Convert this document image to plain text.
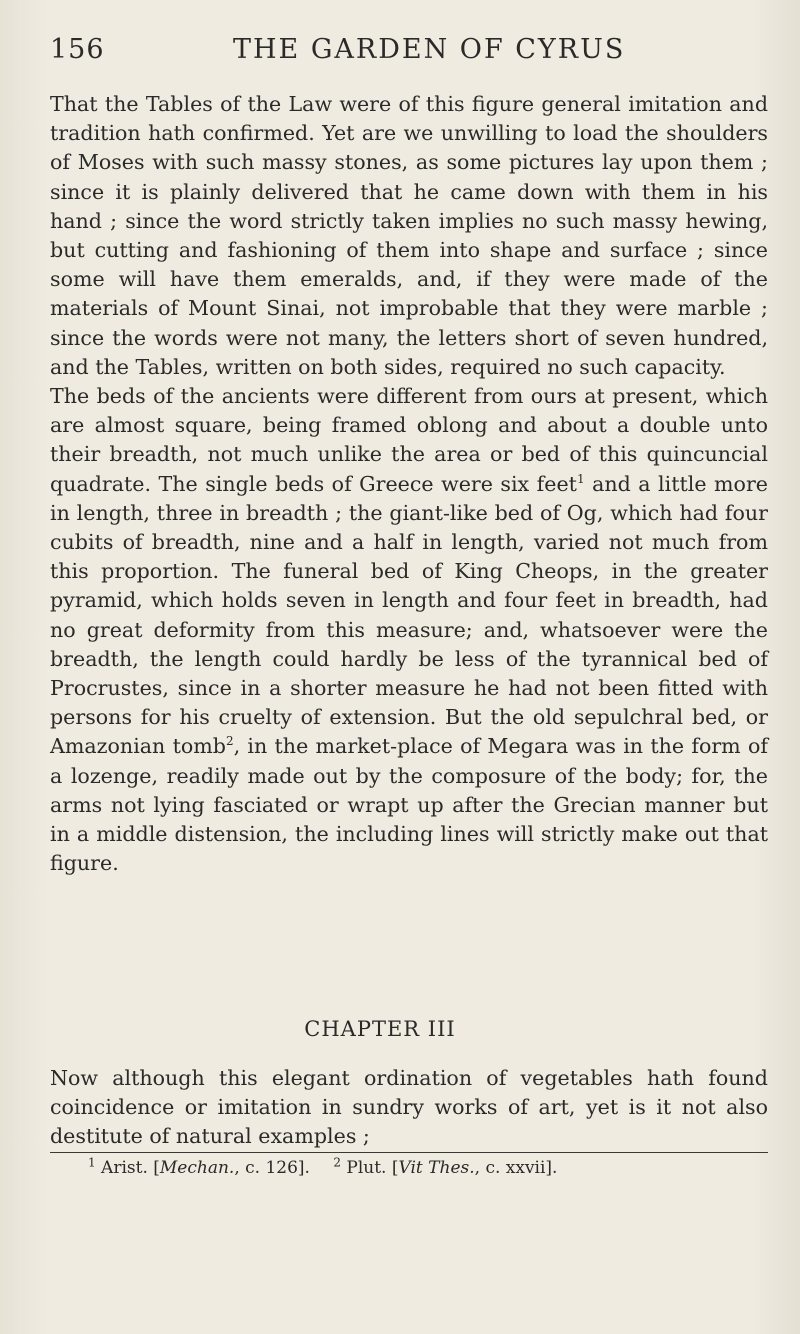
156	THE GARDEN OF CYRUS

That the Tables of the Law were of this figure general imitation and tradition hath confirmed. Yet are we unwilling to load the shoulders of Moses with such massy stones, as some pictures lay upon them ; since it is plainly delivered that he came down with them in his hand ; since the word strictly taken implies no such massy hewing, but cutting and fashioning of them into shape and surface ; since some will have them emeralds, and, if they were made of the materials of Mount Sinai, not improbable that they were marble ; since the words were not many, the letters short of seven hundred, and the Tables, written on both sides, required no such capacity.

The beds of the ancients were different from ours at present, which are almost square, being framed oblong and about a double unto their breadth, not much unlike the area or bed of this quincuncial quadrate. The single beds of Greece were six feet$^1$ and a little more in length, three in breadth ; the giant-like bed of Og, which had four cubits of breadth, nine and a half in length, varied not much from this proportion. The funeral bed of King Cheops, in the greater pyramid, which holds seven in length and four feet in breadth, had no great deformity from this measure; and, whatsoever were the breadth, the length could hardly be less of the tyrannical bed of Procrustes, since in a shorter measure he had not been fitted with persons for his cruelty of extension. But the old sepulchral bed, or Amazonian tomb$^2$, in the market-place of Megara was in the form of a lozenge, readily made out by the composure of the body; for, the arms not lying fasciated or wrapt up after the Grecian manner but in a middle distension, the including lines will strictly make out that figure.

CHAPTER III

Now although this elegant ordination of vegetables hath found coincidence or imitation in sundry works of art, yet is it not also destitute of natural examples ;

$^1$ Arist. [Mechan., c. 126]. $^2$ Plut. [Vit Thes., c. xxvii].
